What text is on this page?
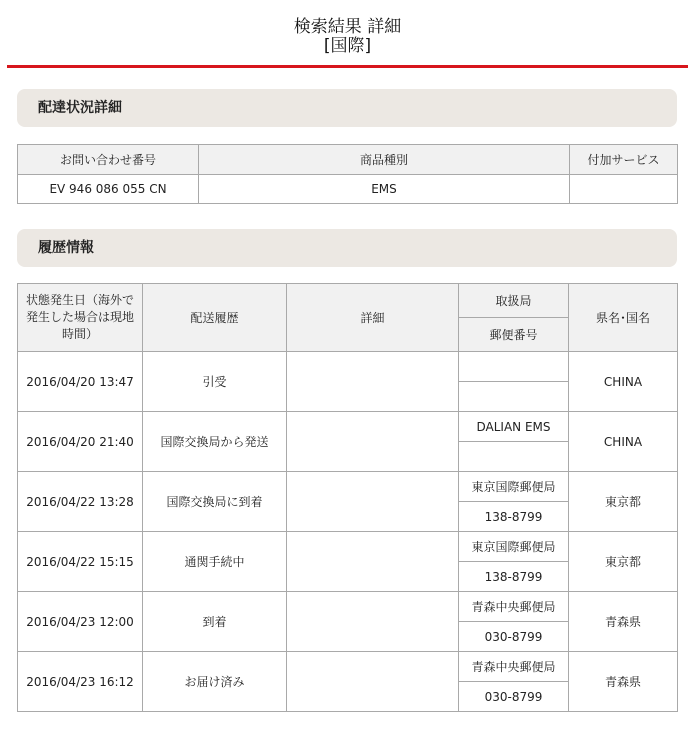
検索結果 詳細
[国際]
配達状況詳細
お問い合わせ番号	商品種別	付加サービス
EV 946 086 055 CN	EMS	
履歴情報
状態発生日（海外で発生した場合は現地時間）	配送履歴	詳細	取扱局	県名･国名
			郵便番号	
2016/04/20 13:47	引受			CHINA

2016/04/20 21:40	国際交換局から発送		DALIAN EMS	CHINA

2016/04/22 13:28	国際交換局に到着		東京国際郵便局	東京都
			138-8799	
2016/04/22 15:15	通関手続中		東京国際郵便局	東京都
			138-8799	
2016/04/23 12:00	到着		青森中央郵便局	青森県
			030-8799	
2016/04/23 16:12	お届け済み		青森中央郵便局	青森県
			030-8799	
